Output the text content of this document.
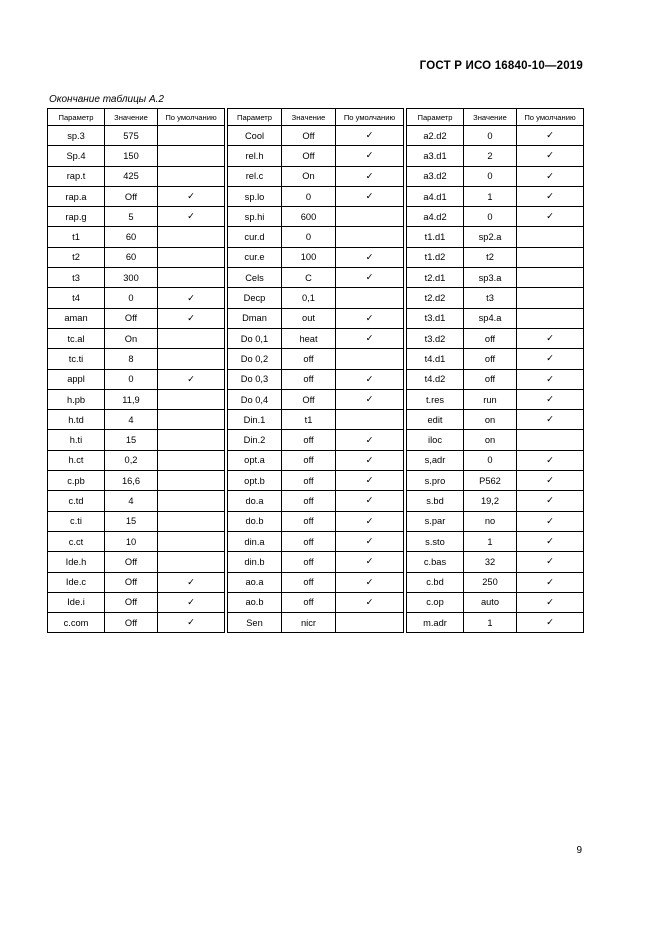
ГОСТ Р ИСО 16840-10—2019
Окончание таблицы А.2
Параметр	Значение	По умолчанию		Параметр	Значение	По умолчанию		Параметр	Значение	По умолчанию
sp.3	575			Cool	Off	✓		a2.d2	0	✓
Sp.4	150			rel.h	Off	✓		a3.d1	2	✓
rap.t	425			rel.c	On	✓		a3.d2	0	✓
rap.a	Off	✓		sp.lo	0	✓		a4.d1	1	✓
rap.g	5	✓		sp.hi	600			a4.d2	0	✓
t1	60			cur.d	0			t1.d1	sp2.a	
t2	60			cur.e	100	✓		t1.d2	t2	
t3	300			Cels	C	✓		t2.d1	sp3.a	
t4	0	✓		Decp	0,1			t2.d2	t3	
aman	Off	✓		Dman	out	✓		t3.d1	sp4.a	
tc.al	On			Do 0,1	heat	✓		t3.d2	off	✓
tc.ti	8			Do 0,2	off			t4.d1	off	✓
appl	0	✓		Do 0,3	off	✓		t4.d2	off	✓
h.pb	11,9			Do 0,4	Off	✓		t.res	run	✓
h.td	4			Din.1	t1			edit	on	✓
h.ti	15			Din.2	off	✓		iloc	on	
h.ct	0,2			opt.a	off	✓		s,adr	0	✓
c.pb	16,6			opt.b	off	✓		s.pro	P562	✓
c.td	4			do.a	off	✓		s.bd	19,2	✓
c.ti	15			do.b	off	✓		s.par	no	✓
c.ct	10			din.a	off	✓		s.sto	1	✓
Ide.h	Off			din.b	off	✓		c.bas	32	✓
Ide.c	Off	✓		ao.a	off	✓		c.bd	250	✓
Ide.i	Off	✓		ao.b	off	✓		c.op	auto	✓
c.com	Off	✓		Sen	nicr			m.adr	1	✓
9
